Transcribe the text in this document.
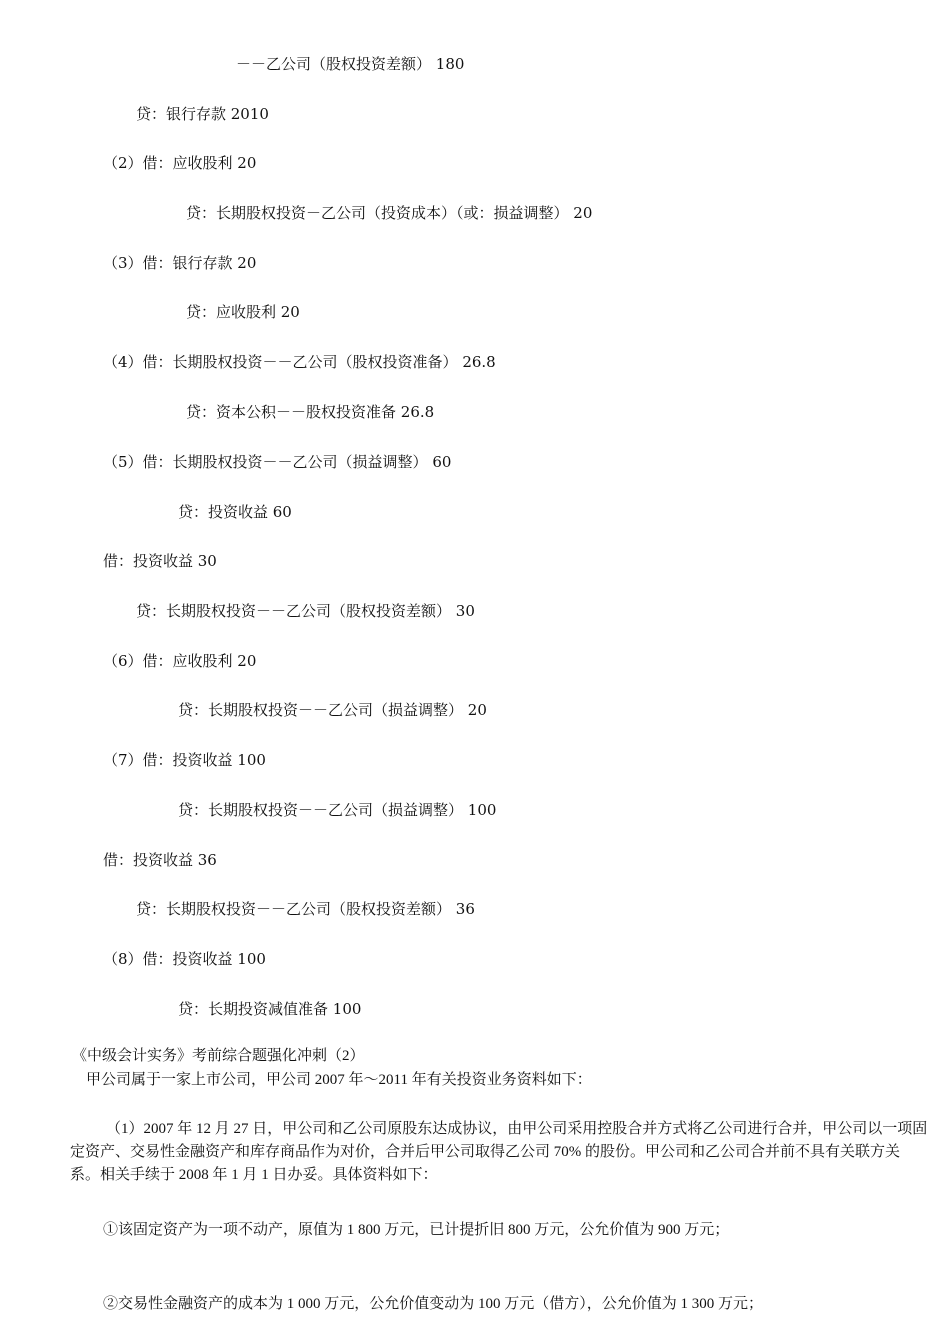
－－乙公司（股权投资差额） 180
贷：银行存款 2010
（2）借：应收股利 20
贷：长期股权投资－乙公司（投资成本）（或：损益调整） 20
（3）借：银行存款 20
贷：应收股利 20
（4）借：长期股权投资－－乙公司（股权投资准备） 26.8
贷：资本公积－－股权投资准备 26.8
（5）借：长期股权投资－－乙公司（损益调整） 60
贷：投资收益 60
借：投资收益 30
贷：长期股权投资－－乙公司（股权投资差额） 30
（6）借：应收股利 20
贷：长期股权投资－－乙公司（损益调整） 20
（7）借：投资收益 100
贷：长期股权投资－－乙公司（损益调整） 100
借：投资收益 36
贷：长期股权投资－－乙公司（股权投资差额） 36
（8）借：投资收益 100
贷：长期投资减值准备 100
《中级会计实务》考前综合题强化冲刺（2）
甲公司属于一家上市公司，甲公司 2007 年～2011 年有关投资业务资料如下：
（1）2007 年 12 月 27 日，甲公司和乙公司原股东达成协议，由甲公司采用控股合并方式将乙公司进行合并，甲公司以一项固定资产、交易性金融资产和库存商品作为对价，合并后甲公司取得乙公司 70% 的股份。甲公司和乙公司合并前不具有关联方关系。相关手续于 2008 年 1 月 1 日办妥。具体资料如下：
①该固定资产为一项不动产，原值为 1 800 万元，已计提折旧 800 万元，公允价值为 900 万元；
②交易性金融资产的成本为 1 000 万元，公允价值变动为 100 万元（借方），公允价值为 1 300 万元；
